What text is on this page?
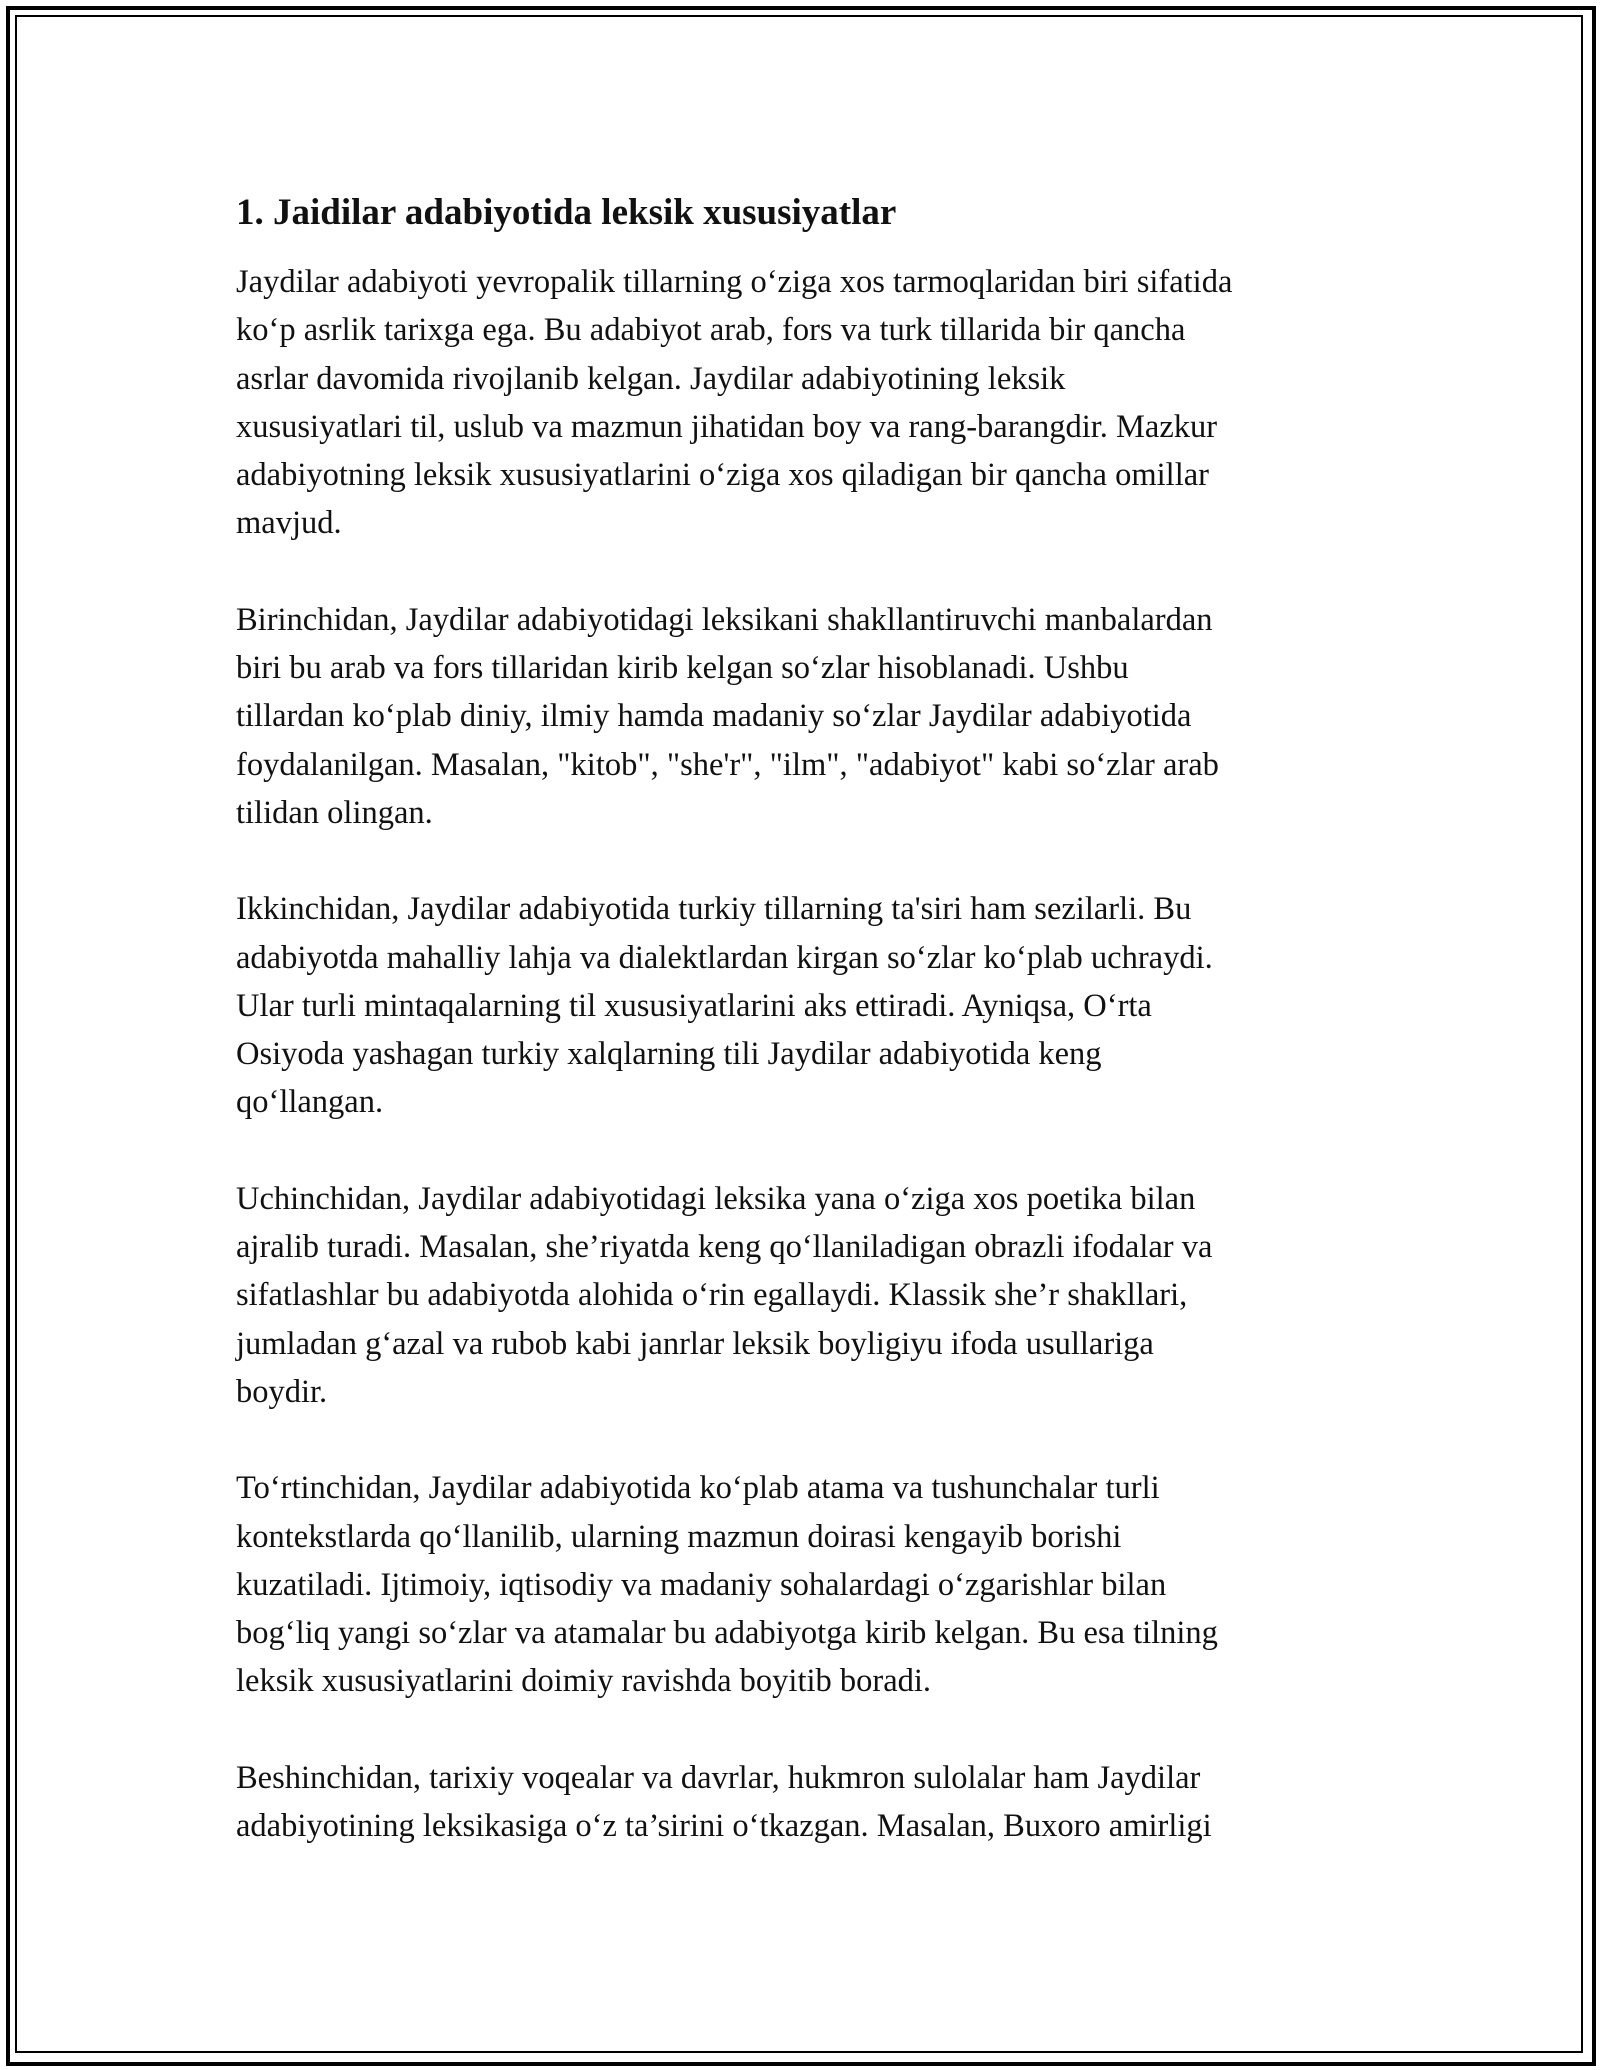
1. Jaidilar adabiyotida leksik xususiyatlar

Jaydilar adabiyoti yevropalik tillarning o‘ziga xos tarmoqlaridan biri sifatida
ko‘p asrlik tarixga ega. Bu adabiyot arab, fors va turk tillarida bir qancha
asrlar davomida rivojlanib kelgan. Jaydilar adabiyotining leksik
xususiyatlari til, uslub va mazmun jihatidan boy va rang-barangdir. Mazkur
adabiyotning leksik xususiyatlarini o‘ziga xos qiladigan bir qancha omillar
mavjud.

Birinchidan, Jaydilar adabiyotidagi leksikani shakllantiruvchi manbalardan
biri bu arab va fors tillaridan kirib kelgan so‘zlar hisoblanadi. Ushbu
tillardan ko‘plab diniy, ilmiy hamda madaniy so‘zlar Jaydilar adabiyotida
foydalanilgan. Masalan, "kitob", "she'r", "ilm", "adabiyot" kabi so‘zlar arab
tilidan olingan.

Ikkinchidan, Jaydilar adabiyotida turkiy tillarning ta'siri ham sezilarli. Bu
adabiyotda mahalliy lahja va dialektlardan kirgan so‘zlar ko‘plab uchraydi.
Ular turli mintaqalarning til xususiyatlarini aks ettiradi. Ayniqsa, O‘rta
Osiyoda yashagan turkiy xalqlarning tili Jaydilar adabiyotida keng
qo‘llangan.

Uchinchidan, Jaydilar adabiyotidagi leksika yana o‘ziga xos poetika bilan
ajralib turadi. Masalan, she’riyatda keng qo‘llaniladigan obrazli ifodalar va
sifatlashlar bu adabiyotda alohida o‘rin egallaydi. Klassik she’r shakllari,
jumladan g‘azal va rubob kabi janrlar leksik boyligiyu ifoda usullariga
boydir.

To‘rtinchidan, Jaydilar adabiyotida ko‘plab atama va tushunchalar turli
kontekstlarda qo‘llanilib, ularning mazmun doirasi kengayib borishi
kuzatiladi. Ijtimoiy, iqtisodiy va madaniy sohalardagi o‘zgarishlar bilan
bog‘liq yangi so‘zlar va atamalar bu adabiyotga kirib kelgan. Bu esa tilning
leksik xususiyatlarini doimiy ravishda boyitib boradi.

Beshinchidan, tarixiy voqealar va davrlar, hukmron sulolalar ham Jaydilar
adabiyotining leksikasiga o‘z ta’sirini o‘tkazgan. Masalan, Buxoro amirligi
